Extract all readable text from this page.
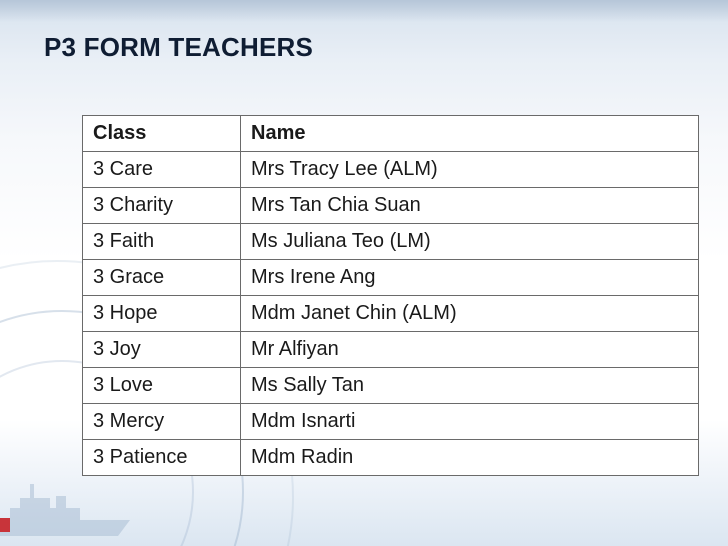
P3 FORM TEACHERS
Class	Name
3 Care	Mrs Tracy Lee (ALM)
3 Charity	Mrs Tan Chia Suan
3 Faith	Ms Juliana Teo (LM)
3 Grace	Mrs Irene Ang
3 Hope	Mdm Janet Chin (ALM)
3 Joy	Mr Alfiyan
3 Love	Ms Sally Tan
3 Mercy	Mdm Isnarti
3 Patience	Mdm Radin
